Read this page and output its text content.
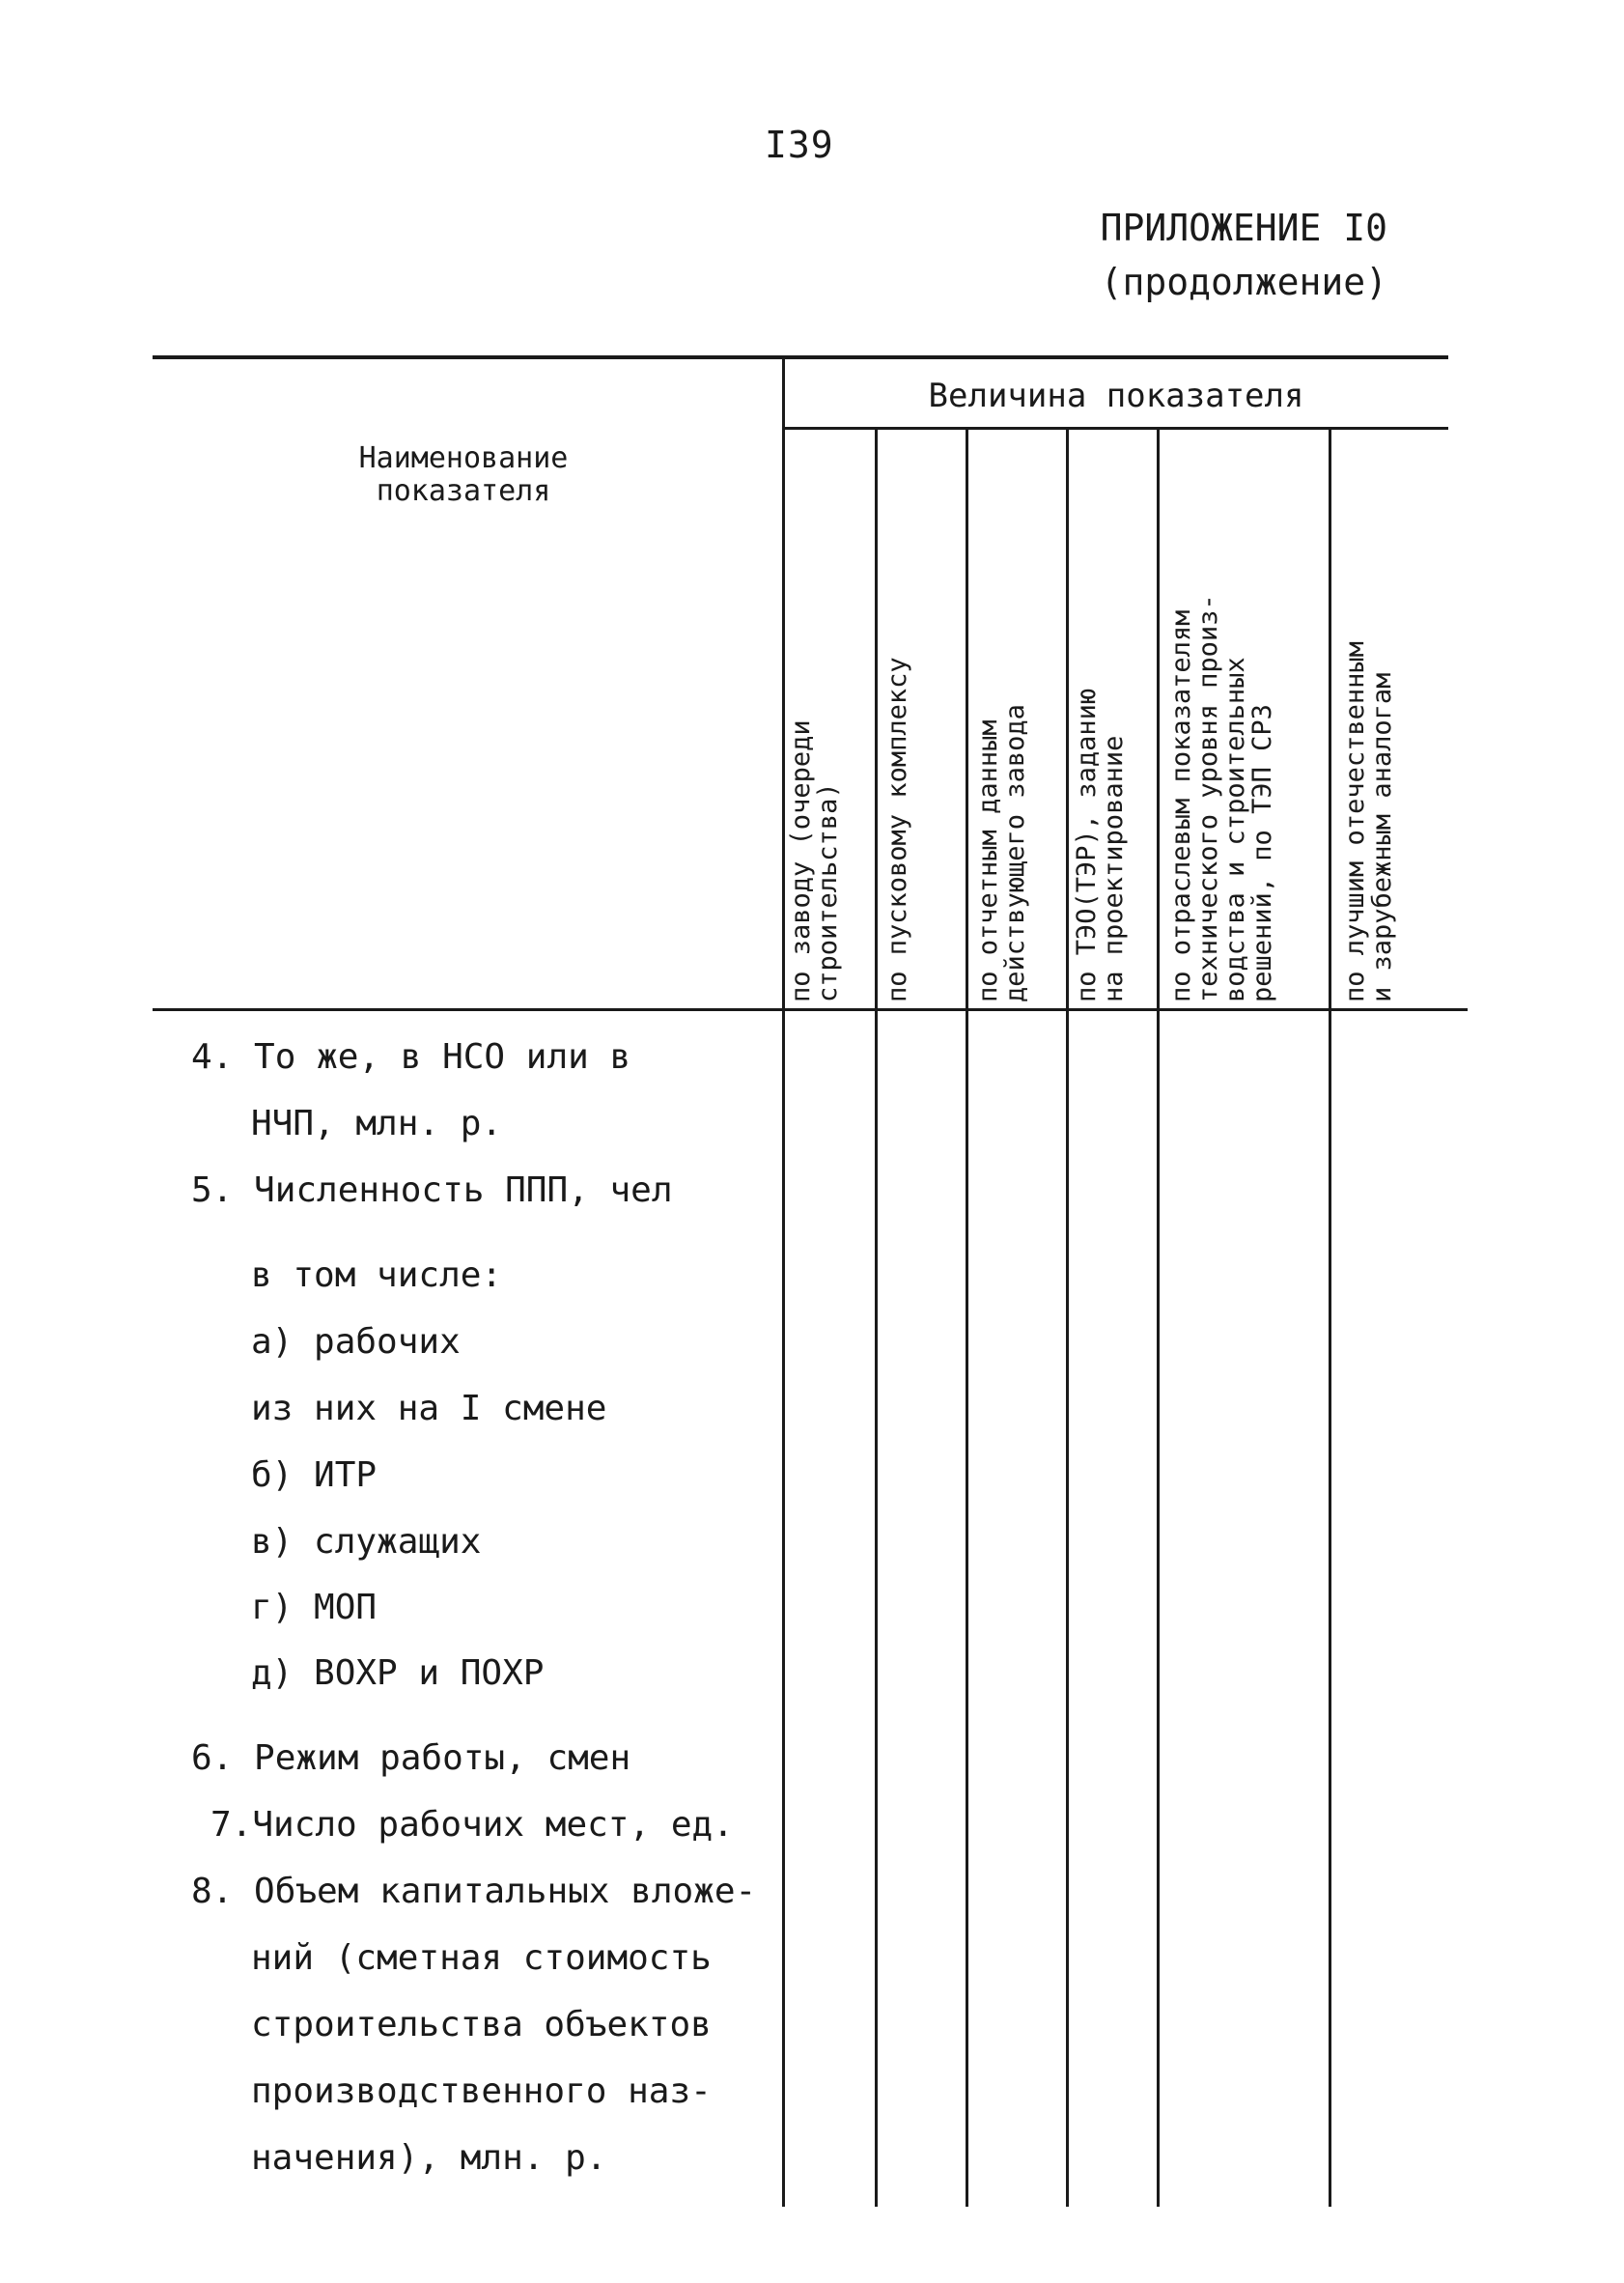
I39
ПРИЛОЖЕНИЕ I0
(продолжение)
Наименование
показателя
Величина показателя
по заводу (очереди
строительства) по пусковому комплексу по отчетным данным
действующего завода по ТЭО(ТЭР), заданию
на проектирование по отраслевым показателям
технического уровня произ-
водства и строительных
решений, по ТЭП СРЗ по лучшим отечественным
и зарубежным аналогам
4. То же, в НСО или в
НЧП, млн. р.
5. Численность ППП, чел
в том числе:
а) рабочих
из них на I смене
б) ИТР
в) служащих
г) МОП
д) ВОХР и ПОХР
6. Режим работы, смен
7.Число рабочих мест, ед.
8. Объем капитальных вложе-
ний (сметная стоимость
строительства объектов
производственного наз-
начения), млн. р.
